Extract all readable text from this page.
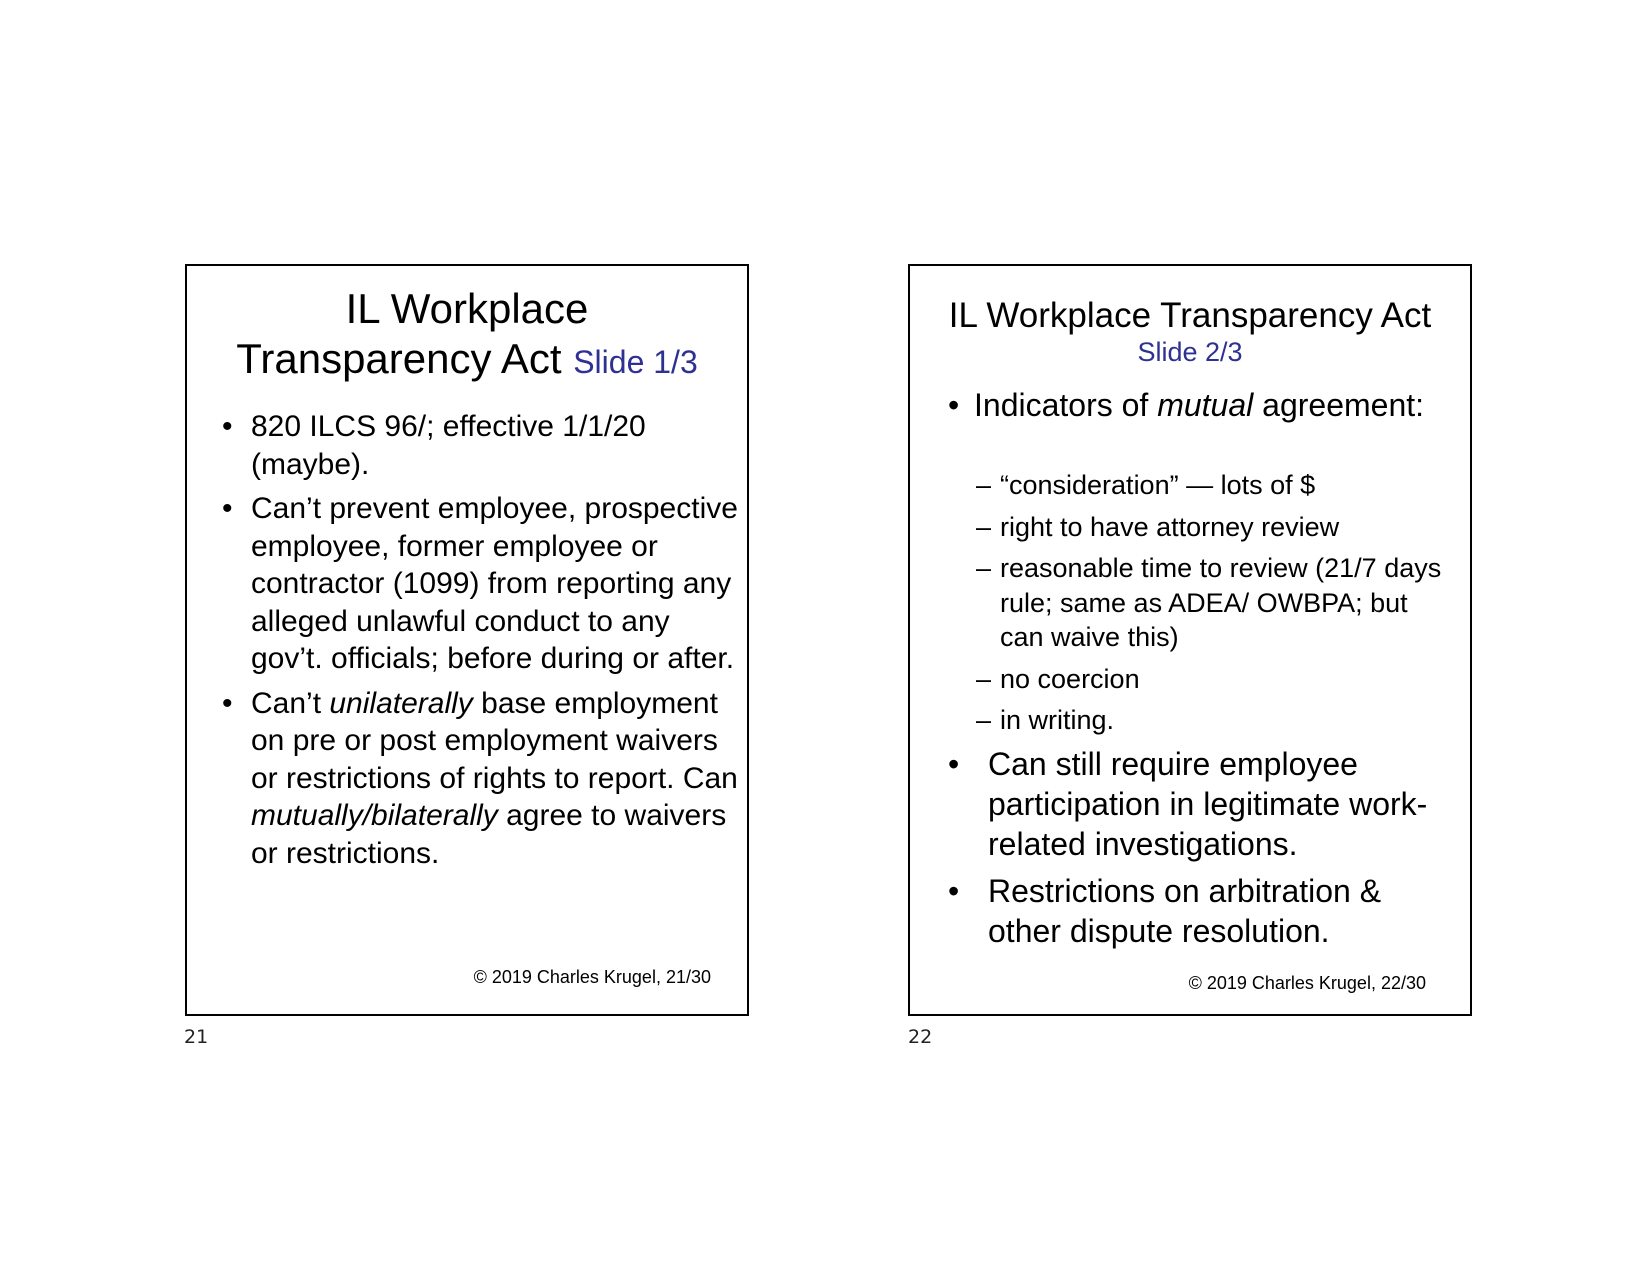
IL Workplace
Transparency Act Slide 1/3
• 820 ILCS 96/; effective 1/1/20 (maybe).
• Can’t prevent employee, prospective employee, former employee or contractor (1099) from reporting any alleged unlawful conduct to any gov’t. officials; before during or after.
• Can’t unilaterally base employment on pre or post employment waivers or restrictions of rights to report. Can mutually/bilaterally agree to waivers or restrictions.
© 2019 Charles Krugel, 21/30
21
IL Workplace Transparency Act
Slide 2/3
• Indicators of mutual agreement:
– “consideration” — lots of $
– right to have attorney review
– reasonable time to review (21/7 days rule; same as ADEA/ OWBPA; but can waive this)
– no coercion
– in writing.
• Can still require employee participation in legitimate work-related investigations.
• Restrictions on arbitration & other dispute resolution.
© 2019 Charles Krugel, 22/30
22
